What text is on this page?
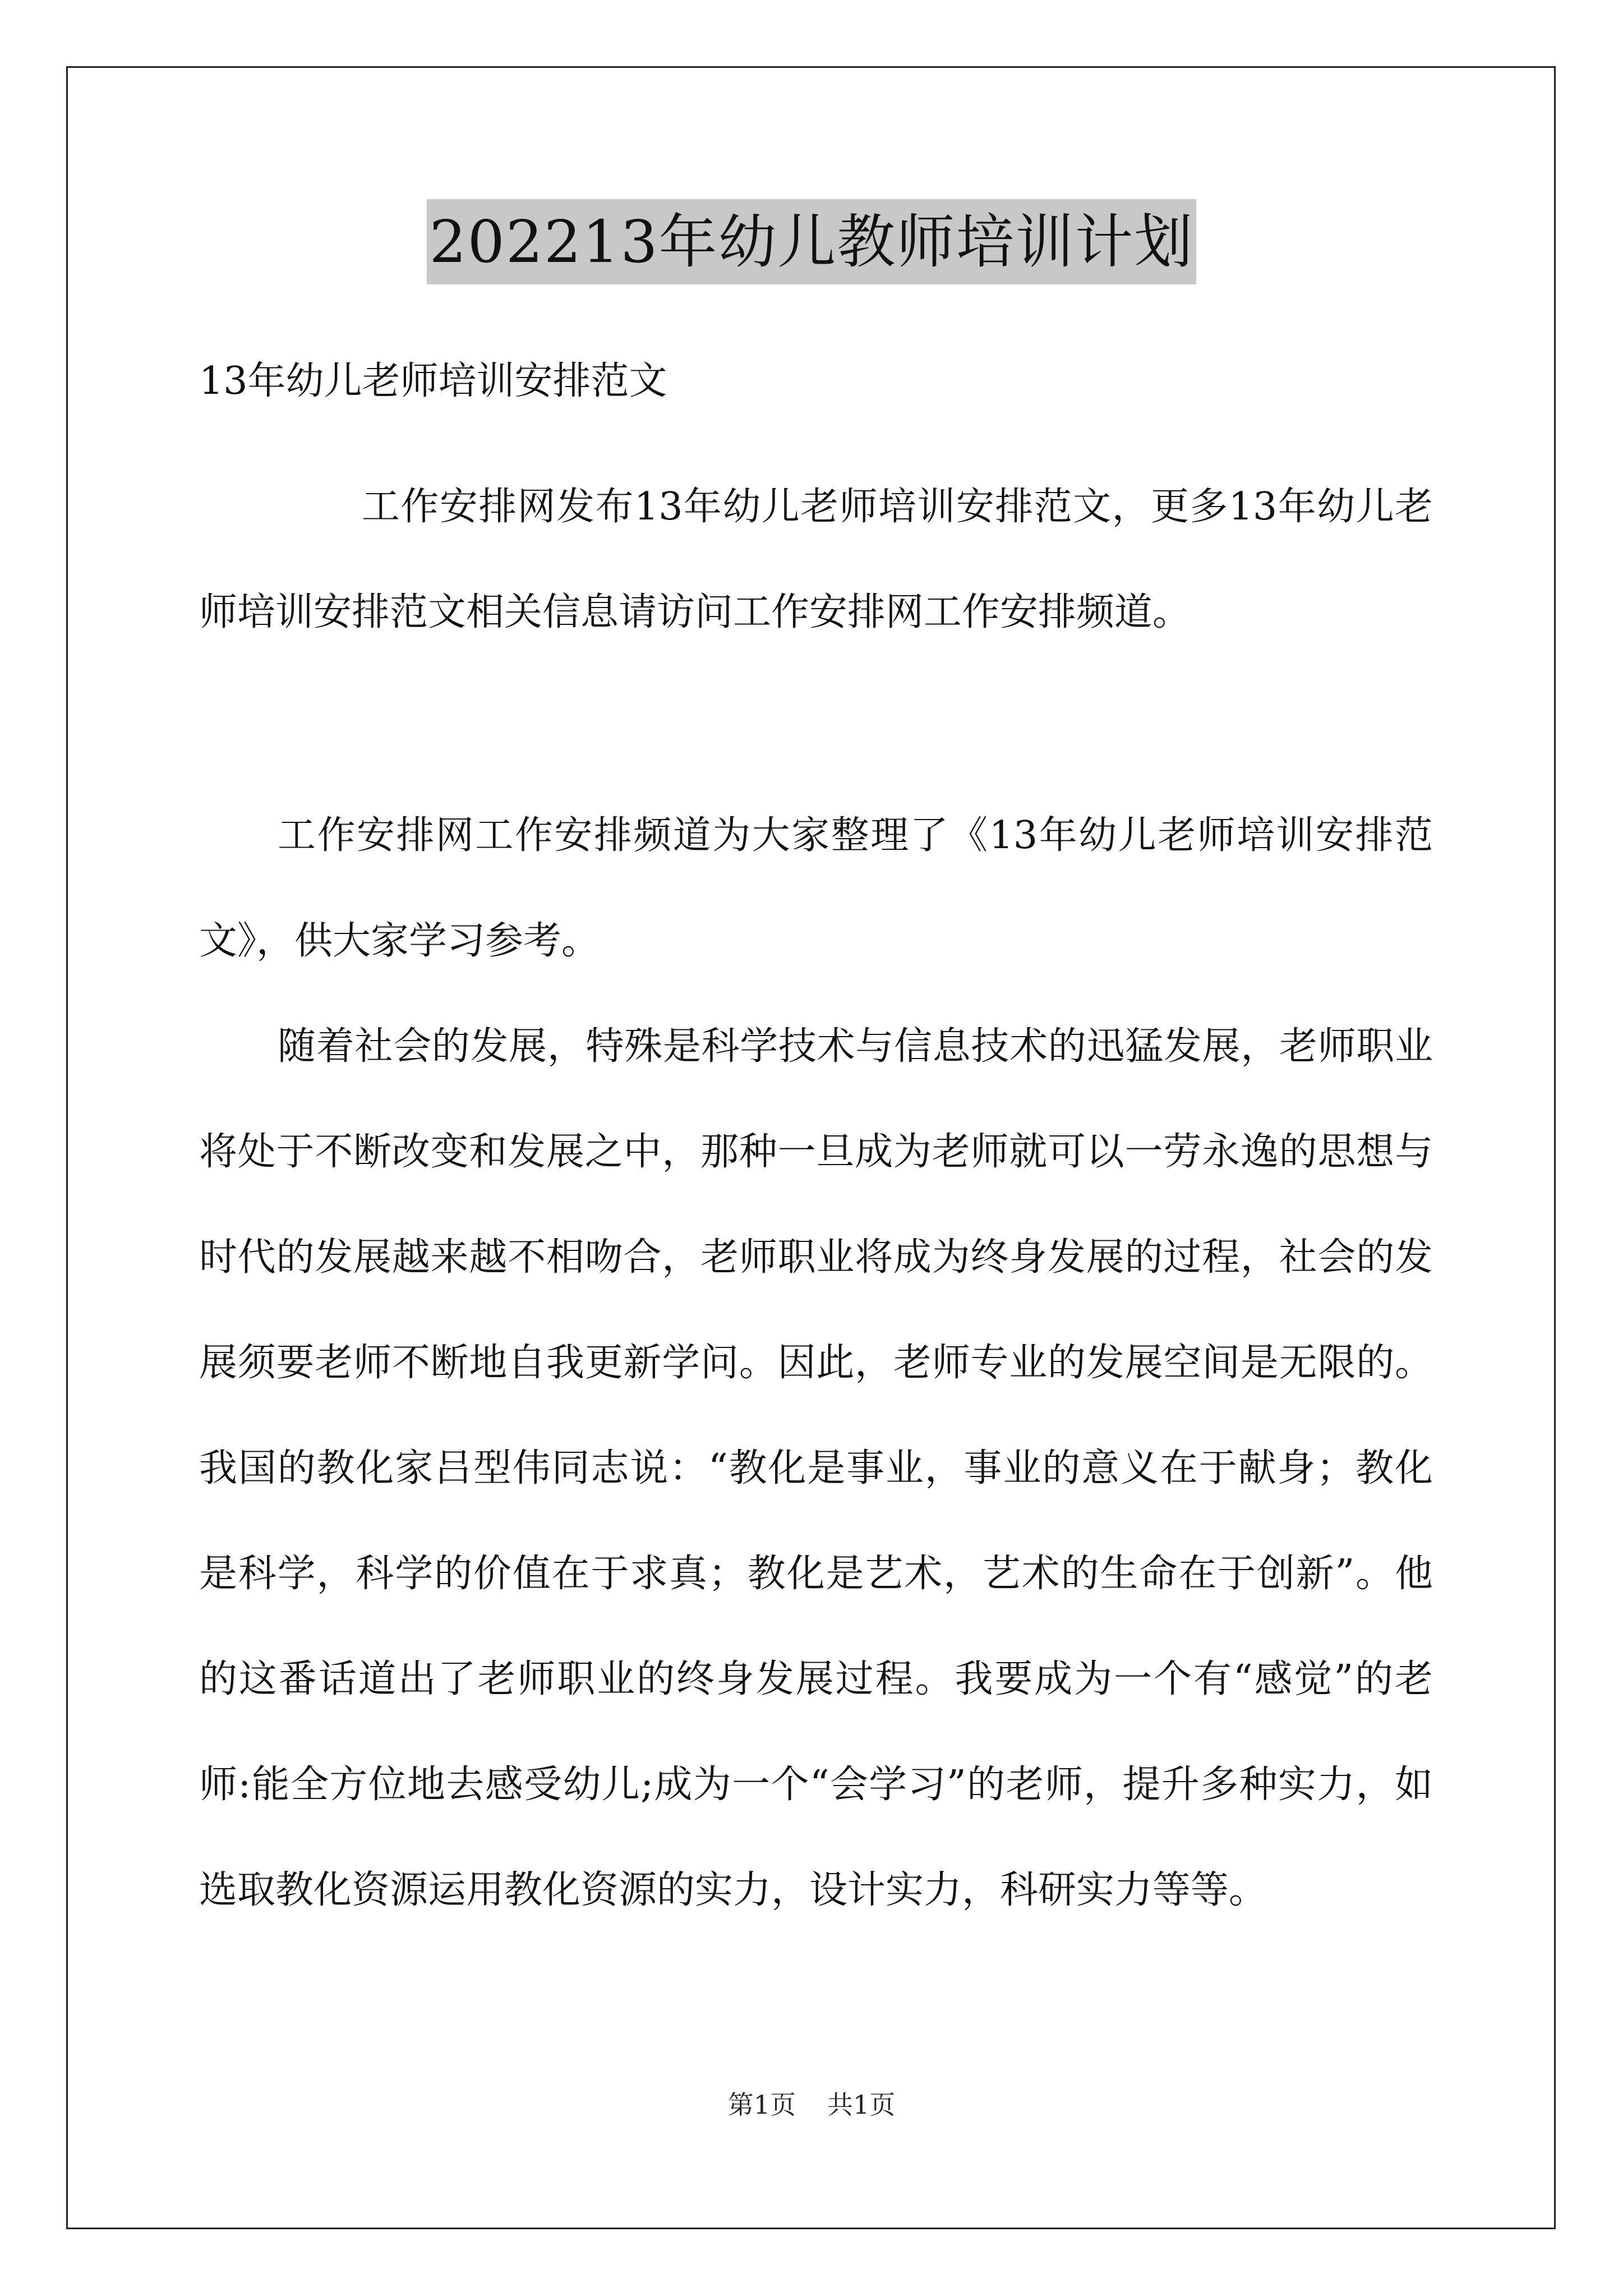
202213年幼儿教师培训计划

13年幼儿老师培训安排范文

工作安排网发布13年幼儿老师培训安排范文，更多13年幼儿老师培训安排范文相关信息请访问工作安排网工作安排频道。

工作安排网工作安排频道为大家整理了《13年幼儿老师培训安排范文》，供大家学习参考。

随着社会的发展，特殊是科学技术与信息技术的迅猛发展，老师职业将处于不断改变和发展之中，那种一旦成为老师就可以一劳永逸的思想与时代的发展越来越不相吻合，老师职业将成为终身发展的过程，社会的发展须要老师不断地自我更新学问。因此，老师专业的发展空间是无限的。我国的教化家吕型伟同志说：“教化是事业，事业的意义在于献身；教化是科学，科学的价值在于求真；教化是艺术，艺术的生命在于创新”。他的这番话道出了老师职业的终身发展过程。我要成为一个有“感觉”的老师:能全方位地去感受幼儿;成为一个“会学习”的老师，提升多种实力，如选取教化资源运用教化资源的实力，设计实力，科研实力等等。

第1页 共1页
